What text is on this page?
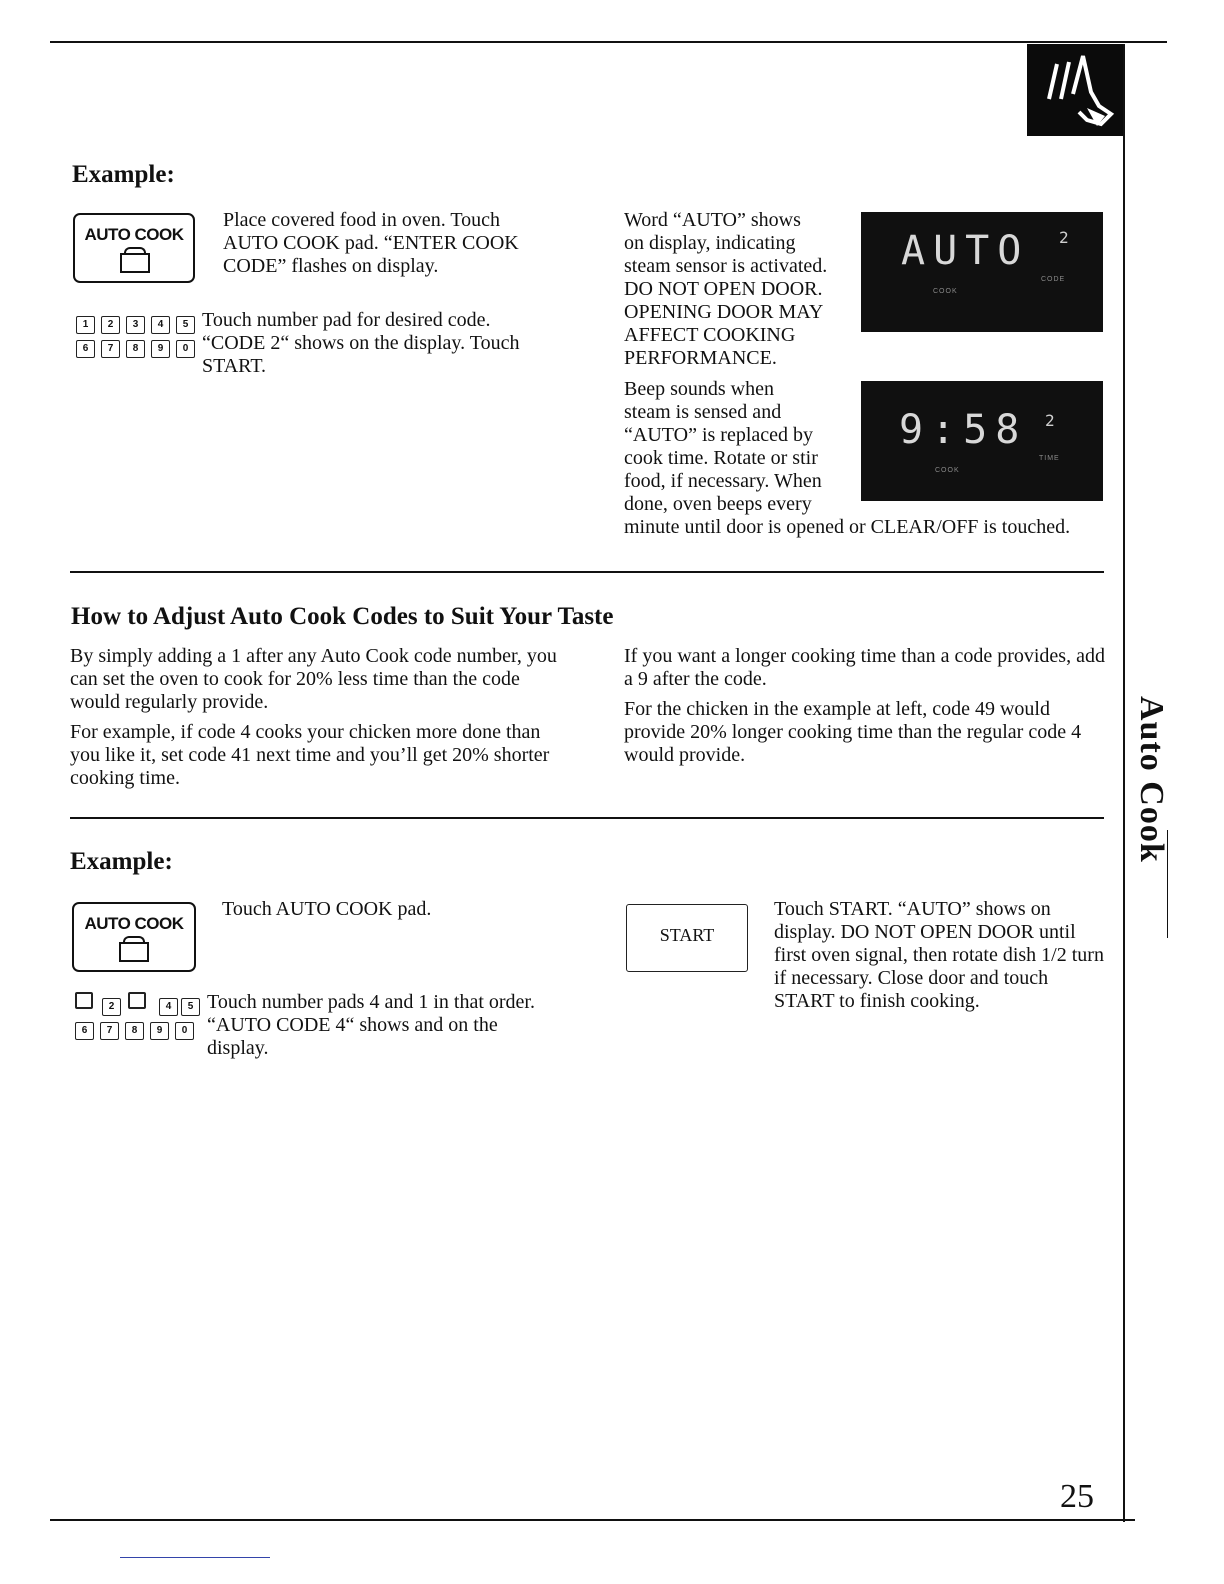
Example:
AUTO COOK
Place covered food in oven. Touch AUTO COOK pad. “ENTER COOK CODE” flashes on display.
1	2	3	4	5
6	7	8	9	0
Touch number pad for desired code. “CODE 2“ shows on the display. Touch START.

Word “AUTO” shows

on display, indicating

steam sensor is activated.

DO NOT OPEN DOOR.

OPENING DOOR MAY

AFFECT COOKING

PERFORMANCE.

AUTO 2
COOK
CODE

Beep sounds when

steam is sensed and

“AUTO” is replaced by

cook time. Rotate or stir

food, if necessary. When

done, oven beeps every

minute until door is opened or CLEAR/OFF is touched.
9:58 2
COOK
TIME
How to Adjust Auto Cook Codes to Suit Your Taste

By simply adding a 1 after any Auto Cook code number, you can set the oven to cook for 20% less time than the code would regularly provide.

For example, if code 4 cooks your chicken more done than you like it, set code 41 next time and you’ll get 20% shorter cooking time.

If you want a longer cooking time than a code provides, add a 9 after the code.

For the chicken in the example at left, code 49 would provide 20% longer cooking time than the regular code 4 would provide.

Example:
AUTO COOK
Touch AUTO COOK pad.
2	4	5
6	7	8	9	0
Touch number pads 4 and 1 in that order. “AUTO CODE 4“ shows and on the display.
START
Touch START. “AUTO” shows on display. DO NOT OPEN DOOR until first oven signal, then rotate dish 1/2 turn if necessary. Close door and touch START to finish cooking.
Auto Cook
25
